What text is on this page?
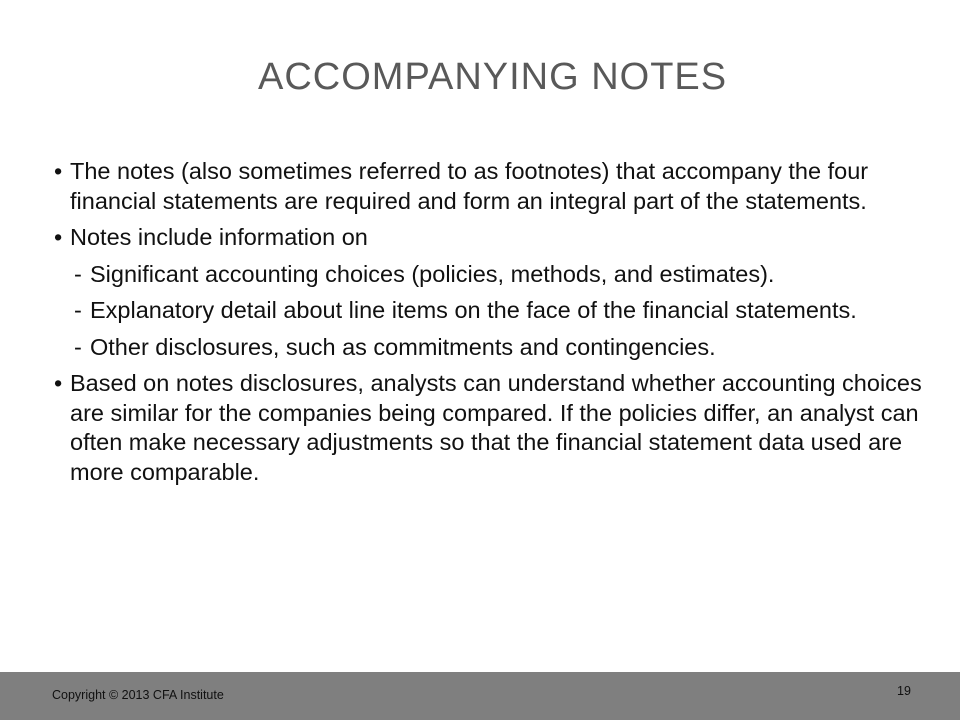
ACCOMPANYING NOTES
• The notes (also sometimes referred to as footnotes) that accompany the four financial statements are required and form an integral part of the statements.
• Notes include information on
- Significant accounting choices (policies, methods, and estimates).
- Explanatory detail about line items on the face of the financial statements.
- Other disclosures, such as commitments and contingencies.
• Based on notes disclosures, analysts can understand whether accounting choices are similar for the companies being compared. If the policies differ, an analyst can often make necessary adjustments so that the financial statement data used are more comparable.
Copyright © 2013 CFA Institute	19
